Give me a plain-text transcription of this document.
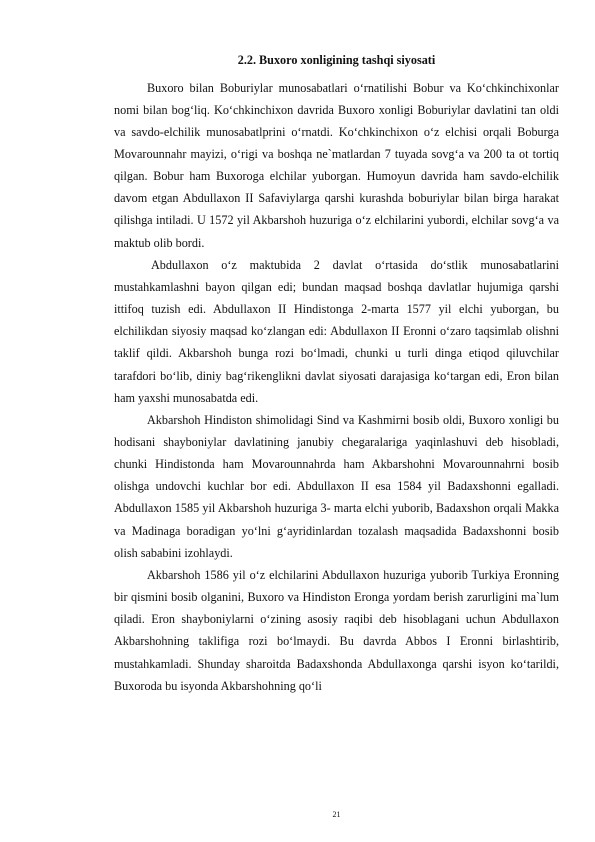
2.2. Buxoro xonligining tashqi siyosati

Buxoro bilan Boburiylar munosabatlari o‘rnatilishi Bobur va Ko‘chkinchixonlar nomi bilan bog‘liq. Ko‘chkinchixon davrida Buxoro xonligi Boburiylar davlatini tan oldi va savdo-elchilik munosabatlprini o‘rnatdi. Ko‘chkinchixon o‘z elchisi orqali Boburga Movarounnahr mayizi, o‘rigi va boshqa ne`matlardan 7 tuyada sovg‘a va 200 ta ot tortiq qilgan. Bobur ham Buxoroga elchilar yuborgan. Humoyun davrida ham savdo-elchilik davom etgan Abdullaxon II Safaviylarga qarshi kurashda boburiylar bilan birga harakat qilishga intiladi. U 1572 yil Akbarshoh huzuriga o‘z elchilarini yubordi, elchilar sovg‘a va maktub olib bordi.

Abdullaxon o‘z maktubida 2 davlat o‘rtasida do‘stlik munosabatlarini mustahkamlashni bayon qilgan edi; bundan maqsad boshqa davlatlar hujumiga qarshi ittifoq tuzish edi. Abdullaxon II Hindistonga 2-marta 1577 yil elchi yuborgan, bu elchilikdan siyosiy maqsad ko‘zlangan edi: Abdullaxon II Eronni o‘zaro taqsimlab olishni taklif qildi. Akbarshoh bunga rozi bo‘lmadi, chunki u turli dinga etiqod qiluvchilar tarafdori bo‘lib, diniy bag‘rikenglikni davlat siyosati darajasiga ko‘targan edi, Eron bilan ham yaxshi munosabatda edi.

Akbarshoh Hindiston shimolidagi Sind va Kashmirni bosib oldi, Buxoro xonligi bu hodisani shayboniylar davlatining janubiy chegaralariga yaqinlashuvi deb hisobladi, chunki Hindistonda ham Movarounnahrda ham Akbarshohni Movarounnahrni bosib olishga undovchi kuchlar bor edi. Abdullaxon II esa 1584 yil Badaxshonni egalladi. Abdullaxon 1585 yil Akbarshoh huzuriga 3- marta elchi yuborib, Badaxshon orqali Makka va Madinaga boradigan yo‘lni g‘ayridinlardan tozalash maqsadida Badaxshonni bosib olish sababini izohlaydi.

Akbarshoh 1586 yil o‘z elchilarini Abdullaxon huzuriga yuborib Turkiya Eronning bir qismini bosib olganini, Buxoro va Hindiston Eronga yordam berish zarurligini ma`lum qiladi. Eron shayboniylarni o‘zining asosiy raqibi deb hisoblagani uchun Abdullaxon Akbarshohning taklifiga rozi bo‘lmaydi. Bu davrda Abbos I Eronni birlashtirib, mustahkamladi. Shunday sharoitda Badaxshonda Abdullaxonga qarshi isyon ko‘tarildi, Buxoroda bu isyonda Akbarshohning qo‘li

21
